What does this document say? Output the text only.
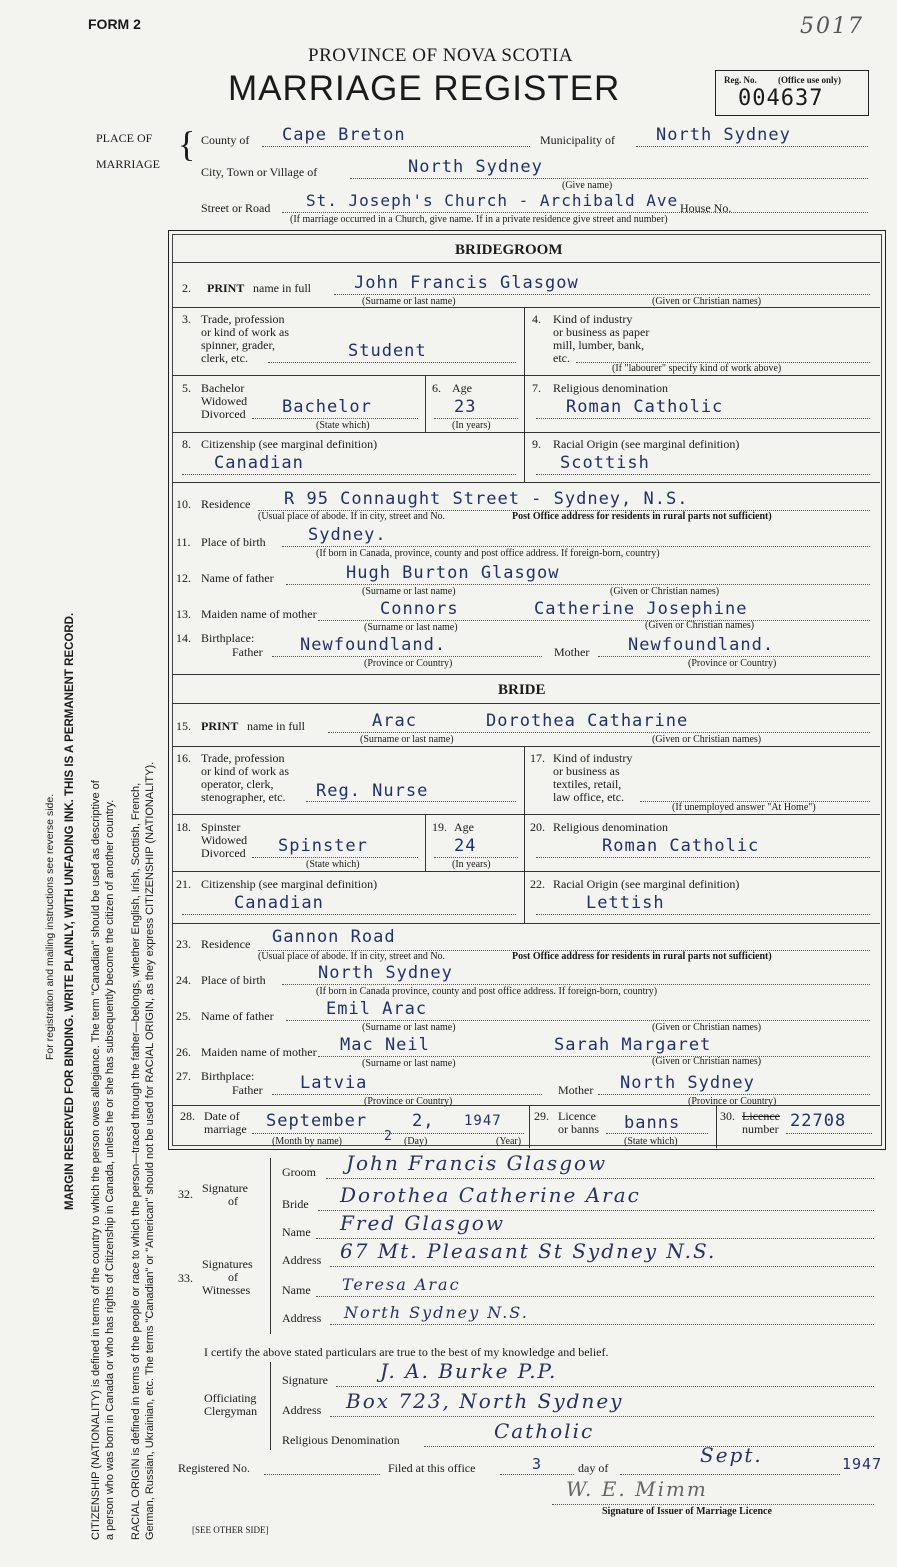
FORM 2	5017
PROVINCE OF NOVA SCOTIA
MARRIAGE REGISTER	Reg. No. (Office use only)
004637
PLACE OF
MARRIAGE { County of Cape Breton	Municipality of North Sydney
City, Town or Village of	North Sydney
(Give name)
Street or Road St. Joseph's Church - Archibald Ave House No.
(If marriage occurred in a Church, give name. If in a private residence give street and number)
For registration and mailing instructions see reverse side. MARGIN RESERVED FOR BINDING. WRITE PLAINLY, WITH UNFADING INK. THIS IS A PERMANENT RECORD. CITIZENSHIP (NATIONALITY) is defined in terms of the country to which the person owes allegiance. The term "Canadian" should be used as descriptive of a person who was born in Canada or who has rights of Citizenship in Canada, unless he or she has subsequently become the citizen of another country. RACIAL ORIGIN is defined in terms of the people or race to which the person—traced through the father—belongs, whether English, Irish, Scottish, French, German, Russian, Ukrainian, etc. The terms "Canadian" or "American" should not be used for RACIAL ORIGIN, as they express CITIZENSHIP (NATIONALITY).
BRIDEGROOM
2. PRINT name in full	John Francis Glasgow
(Surname or last name)	(Given or Christian names)
3. Trade, profession
or kind of work as
spinner, grader,
clerk, etc.	Student
4. Kind of industry
or business as paper
mill, lumber, bank,
etc.
(If "labourer" specify kind of work above)
5. Bachelor
Widowed
Divorced Bachelor
(State which)
6. Age
23
(In years)
7. Religious denomination
Roman Catholic
8. Citizenship (see marginal definition)
Canadian
9. Racial Origin (see marginal definition)
Scottish
10. Residence R 95 Connaught Street - Sydney, N.S.
(Usual place of abode. If in city, street and No.	Post Office address for residents in rural parts not sufficient)
11. Place of birth Sydney.
(If born in Canada, province, county and post office address. If foreign-born, country)
12. Name of father	Hugh Burton Glasgow
(Surname or last name)	(Given or Christian names)
13. Maiden name of mother	Connors	Catherine Josephine
(Surname or last name)	(Given or Christian names)
14. Birthplace:
Father Newfoundland.
(Province or Country)
Mother Newfoundland.
(Province or Country)
BRIDE
15. PRINT name in full	Arac	Dorothea Catharine
(Surname or last name)	(Given or Christian names)
16. Trade, profession
or kind of work as
operator, clerk,
stenographer, etc. Reg. Nurse
17. Kind of industry
or business as
textiles, retail,
law office, etc.
(If unemployed answer "At Home")
18. Spinster
Widowed
Divorced Spinster
(State which)
19. Age
24
(In years)
20. Religious denomination
Roman Catholic
21. Citizenship (see marginal definition)
Canadian
22. Racial Origin (see marginal definition)
Lettish
23. Residence Gannon Road
(Usual place of abode. If in city, street and No.	Post Office address for residents in rural parts not sufficient)
24. Place of birth	North Sydney
(If born in Canada province, county and post office address. If foreign-born, country)
25. Name of father	Emil Arac
(Surname or last name)	(Given or Christian names)
26. Maiden name of mother Mac Neil	Sarah Margaret
(Surname or last name)	(Given or Christian names)
27. Birthplace:
Father Latvia
(Province or Country)
Mother North Sydney
(Province or Country)
28. Date of
marriage September	2, 1947
2
(Month by name)	(Day)	(Year)
29. Licence
or banns banns
(State which)
30. Licence
number 22708
32. Signature
of
Groom John Francis Glasgow
Bride Dorothea Catherine Arac
33.
Signatures
of
Witnesses
Name Fred Glasgow
Address 67 Mt. Pleasant St Sydney N.S.
Name Teresa Arac
Address North Sydney N.S.
I certify the above stated particulars are true to the best of my knowledge and belief.
Officiating
Clergyman
Signature	J. A. Burke P.P.
Address Box 723, North Sydney
Religious Denomination	Catholic
Registered No.	Filed at this office	3	day of
Sept.	1947
W. E. Mimm
Signature of Issuer of Marriage Licence
[SEE OTHER SIDE]
